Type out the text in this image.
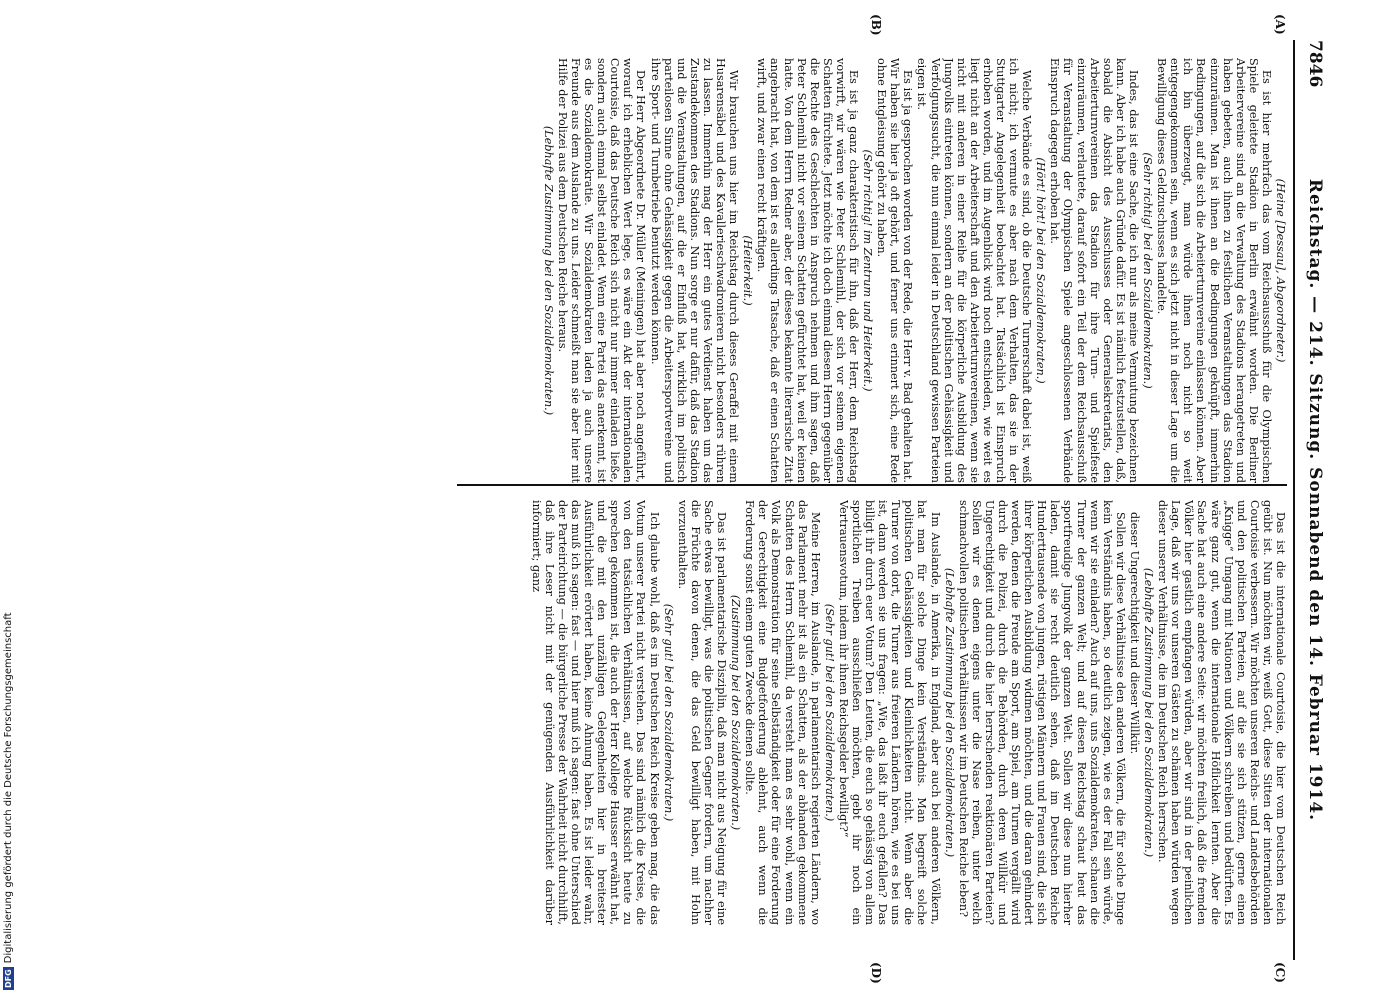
7846
Reichstag. — 214. Sitzung. Sonnabend den 14. Februar 1914.
(A)
(C)
(B)
(D)

(Heine [Dessau], Abgeordneter.)

Es ist hier mehrfach das vom Reichsausschuß für die Olympischen Spiele geleitete Stadion in Berlin erwähnt worden. Die Berliner Arbeitervereine sind an die Verwaltung des Stadions herangetreten und haben gebeten, auch ihnen zu festlichen Veranstaltungen das Stadion einzuräumen. Man ist ihnen an die Bedingungen geknüpft, immerhin Bedingungen, auf die sich die Arbeiterturnvereine einlassen können. Aber ich bin überzeugt, man würde ihnen noch nicht so weit entgegengekommen sein, wenn es sich jetzt nicht in dieser Lage um die Bewilligung dieses Geldzuschusses handelte.

(Sehr richtig! bei den Sozialdemokraten.)

Indes, das ist eine Sache, die ich nur als meine Vermutung bezeichnen kann. Aber ich habe auch Gründe dafür. Es ist nämlich festzustellen, daß, sobald die Absicht des Ausschusses oder Generalsekretariats, den Arbeiterturnvereinen das Stadion für ihre Turn- und Spielfeste einzuräumen, verlautete, darauf sofort ein Teil der dem Reichsausschuß für Veranstaltung der Olympischen Spiele angeschlossenen Verbände Einspruch dagegen erhoben hat.

(Hört! hört! bei den Sozialdemokraten.)

Welche Verbände es sind, ob die Deutsche Turnerschaft dabei ist, weiß ich nicht; ich vermute es aber nach dem Verhalten, das sie in der Stuttgarter Angelegenheit beobachtet hat. Tatsächlich ist Einspruch erhoben worden, und im Augenblick wird noch entschieden, wie weit es liegt nicht an der Arbeiterschaft und den Arbeiterturnvereinen, wenn sie nicht mit anderen in einer Reihe für die körperliche Ausbildung des Jungvolks eintreten können, sondern an der politischen Gehässigkeit und Verfolgungssucht, die nun einmal leider in Deutschland gewissen Parteien eigen ist.

Es ist ja gesprochen worden von der Rede, die Herr v. Bad gehalten hat. Wir haben sie hier ja oft gehört, und ferner uns erinnert sich, eine Rede ohne Entgleisung gehört zu haben.

(Sehr richtig! im Zentrum und Heiterkeit.)

Es ist ja ganz charakteristisch für ihn, daß der Herr, dem Reichstag vorwirft, wir wären wie Peter Schlemihl, der sich vor seinem eigenen Schatten fürchtete. Jetzt möchte ich doch einmal diesem Herrn gegenüber die Rechte des Geschlechten in Anspruch nehmen und ihm sagen, daß Peter Schlemihl nicht vor seinem Schatten gefürchtet hat, weil er keinen hatte. Von dem Herrn Redner aber, der dieses bekannte literarische Zitat angebracht hat, von dem ist es allerdings Tatsache, daß er einen Schatten wirft, und zwar einen recht kräftigen.

(Heiterkeit.)

Wir brauchen uns hier im Reichstag durch dieses Geraffel mit einem Husarensäbel und des Kavallerieschwadronieren nicht besonders rühren zu lassen. Immerhin mag der Herr ein gutes Verdienst haben um das Zustandekommen des Stadions. Nun sorge er nur dafür, daß das Stadion und die Veranstaltungen, auf die er Einfluß hat, wirklich im politisch parteilosen Sinne ohne Gehässigkeit gegen die Arbeitersportvereine und ihre Sport- und Turnbetriebe benutzt werden können.

Der Herr Abgeordnete Dr. Müller (Meiningen) hat aber noch angeführt, worauf ich erheblichen Wert lege, es wäre ein Akt der internationalen Courtoisie, daß das Deutsche Reich sich nicht nur immer einladen ließe, sondern auch einmal selbst einladet. Wenn eine Partei das anerkennt, ist es die Sozialdemokratie. Wir Sozialdemokraten laden ja auch unsere Freunde aus dem Auslande zu uns. Leider schmeißt man sie aber hier mit Hilfe der Polizei aus dem Deutschen Reiche heraus.

(Lebhafte Zustimmung bei den Sozialdemokraten.)

Das ist die internationale Courtoisie, die hier vom Deutschen Reich geübt ist. Nun möchten wir, weiß Gott, diese Sitten der internationalen Courtoisie verbessern. Wir möchten unseren Reichs- und Landesbehörden und den politischen Parteien, auf die sie sich stützen, gerne einen „Knigge“ Umgang mit Nationen und Völkern schreiben und bedürften. Es wäre ganz gut, wenn die internationale Höflichkeit lernten. Aber die Sache hat auch eine andere Seite: wir möchten freilich, daß die fremden Völker hier gastlich empfangen würden, aber wir sind in der peinlichen Lage, daß wir uns vor unseren Gästen zu schämen haben würden wegen dieser unserer Verhältnisse, die im Deutschen Reich herrschen.

(Lebhafte Zustimmung bei den Sozialdemokraten.)

dieser Ungerechtigkeit und dieser Willkür.

Sollen wir diese Verhältnisse den anderen Völkern, die für solche Dinge kein Verständnis haben, so deutlich zeigen, wie es der Fall sein würde, wenn wir sie einladen? Auch auf uns, uns Sozialdemokraten, schauen die Turner der ganzen Welt; und auf diesen Reichstag schaut heut das sportfreudige Jungvolk der ganzen Welt. Sollen wir diese nun hierher laden, damit sie recht deutlich sehen, daß im Deutschen Reiche Hunderttausende von jungen, rüstigen Männern und Frauen sind, die sich ihrer körperlichen Ausbildung widmen möchten, und die daran gehindert werden, denen die Freude am Sport, am Spiel, am Turnen vergällt wird durch die Polizei, durch die Behörden, durch deren Willkür und Ungerechtigkeit und durch die hier herrschenden reaktionären Parteien? Sollen wir es denen eigens unter die Nase reiben, unter welch schmachvollen politischen Verhältnissen wir im Deutschen Reiche leben?

(Lebhafte Zustimmung bei den Sozialdemokraten.)

Im Auslande, in Amerika, in England, aber auch bei anderen Völkern, hat man für solche Dinge kein Verständnis. Man begreift solche politischen Gehässigkeiten und Kleinlichkeiten nicht. Wenn aber die Turner von dort, die Turner aus freieren Ländern hören, wie es bei uns ist, dann werden sie uns fragen: „Wie, das laßt ihr euch gefallen? Das billigt ihr durch euer Votum? Den Leuten, die euch so gehässig von allem sportlichen Treiben ausschließen möchten, gebt ihr noch ein Vertrauensvotum, indem ihr ihnen Reichsgelder bewilligt?“

(Sehr gut! bei den Sozialdemokraten.)

Meine Herren, im Auslande, in parlamentarisch regierten Ländern, wo das Parlament mehr ist als ein Schatten, als der abhanden gekommene Schatten des Herrn Schlemihl, da versteht man es sehr wohl, wenn ein Volk als Demonstration für seine Selbständigkeit oder für eine Forderung der Gerechtigkeit eine Budgetforderung ablehnt, auch wenn die Forderung sonst einem guten Zwecke dienen sollte.

(Zustimmung bei den Sozialdemokraten.)

Das ist parlamentarische Disziplin, daß man nicht aus Neigung für eine Sache etwas bewilligt, was die politischen Gegner fordern, um nachher die Früchte davon denen, die das Geld bewilligt haben, mit Hohn vorzuenthalten.

(Sehr gut! bei den Sozialdemokraten.)

Ich glaube wohl, daß es im Deutschen Reich Kreise geben mag, die das Votum unserer Partei nicht verstehen. Das sind nämlich die Kreise, die von den tatsächlichen Verhältnissen, auf welche Rücksicht heute zu sprechen gekommen ist, die auch der Herr Kollege Hausser erwähnt hat, und die mit den unzähligen Gelegenheiten hier in breitester Ausführlichkeit erörtert haben, keine Ahnung haben. Es ist leider wahr, das muß ich sagen: fast — und hier muß ich sagen: fast ohne Unterschied der Parteirichtung — die bürgerliche Presse der Wahrheit nicht durchhilft, daß ihre Leser nicht mit der genügenden Ausführlichkeit darüber informiert; ganz

DFG
Digitalisierung gefördert durch die Deutsche Forschungsgemeinschaft
